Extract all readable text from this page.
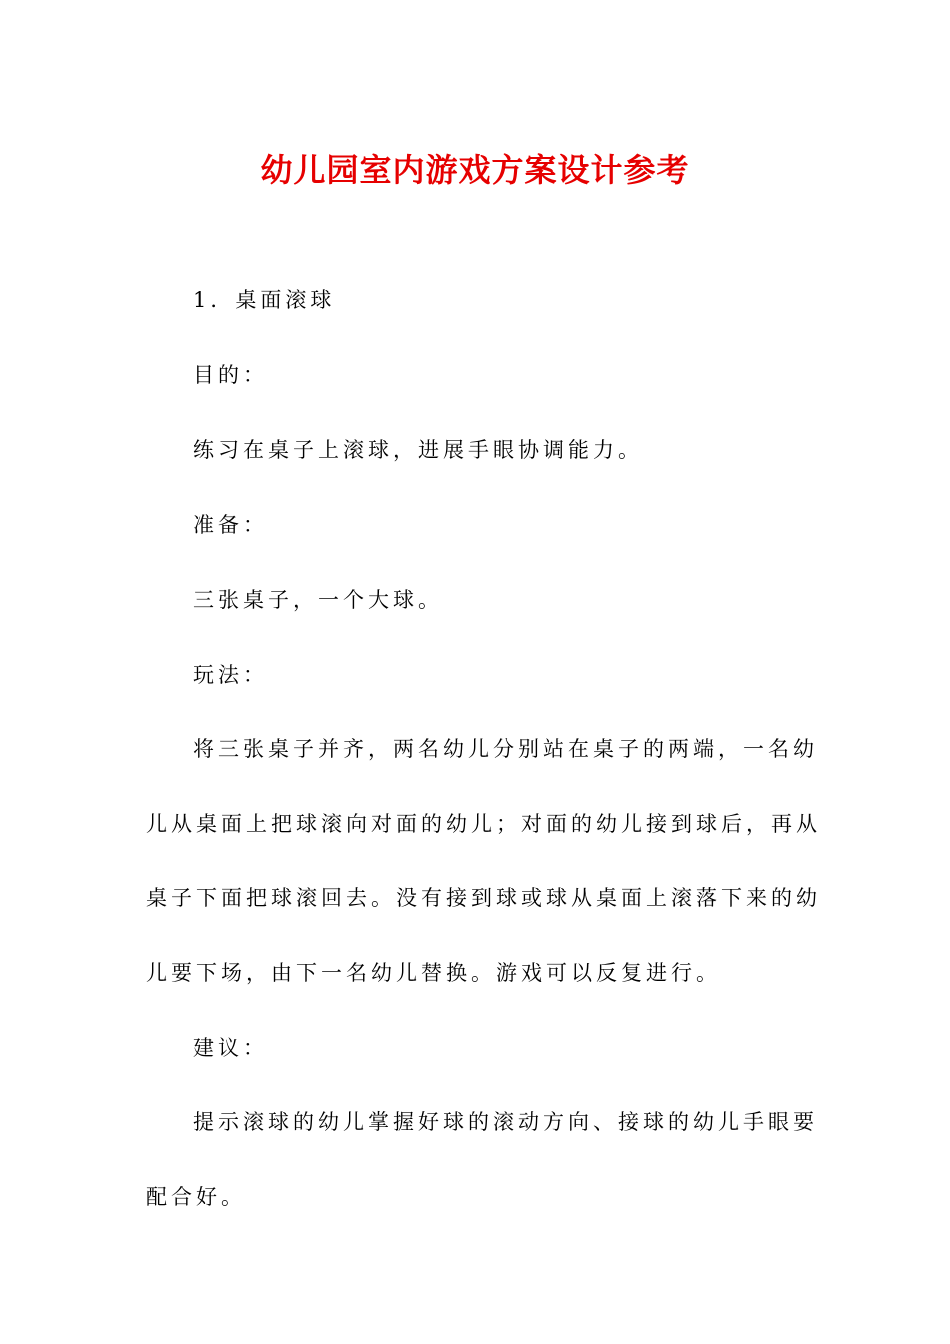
幼儿园室内游戏方案设计参考

1．桌面滚球

目的：

练习在桌子上滚球，进展手眼协调能力。

准备：

三张桌子，一个大球。

玩法：

将三张桌子并齐，两名幼儿分别站在桌子的两端，一名幼

儿从桌面上把球滚向对面的幼儿；对面的幼儿接到球后，再从

桌子下面把球滚回去。没有接到球或球从桌面上滚落下来的幼

儿要下场，由下一名幼儿替换。游戏可以反复进行。

建议：

提示滚球的幼儿掌握好球的滚动方向、接球的幼儿手眼要

配合好。
